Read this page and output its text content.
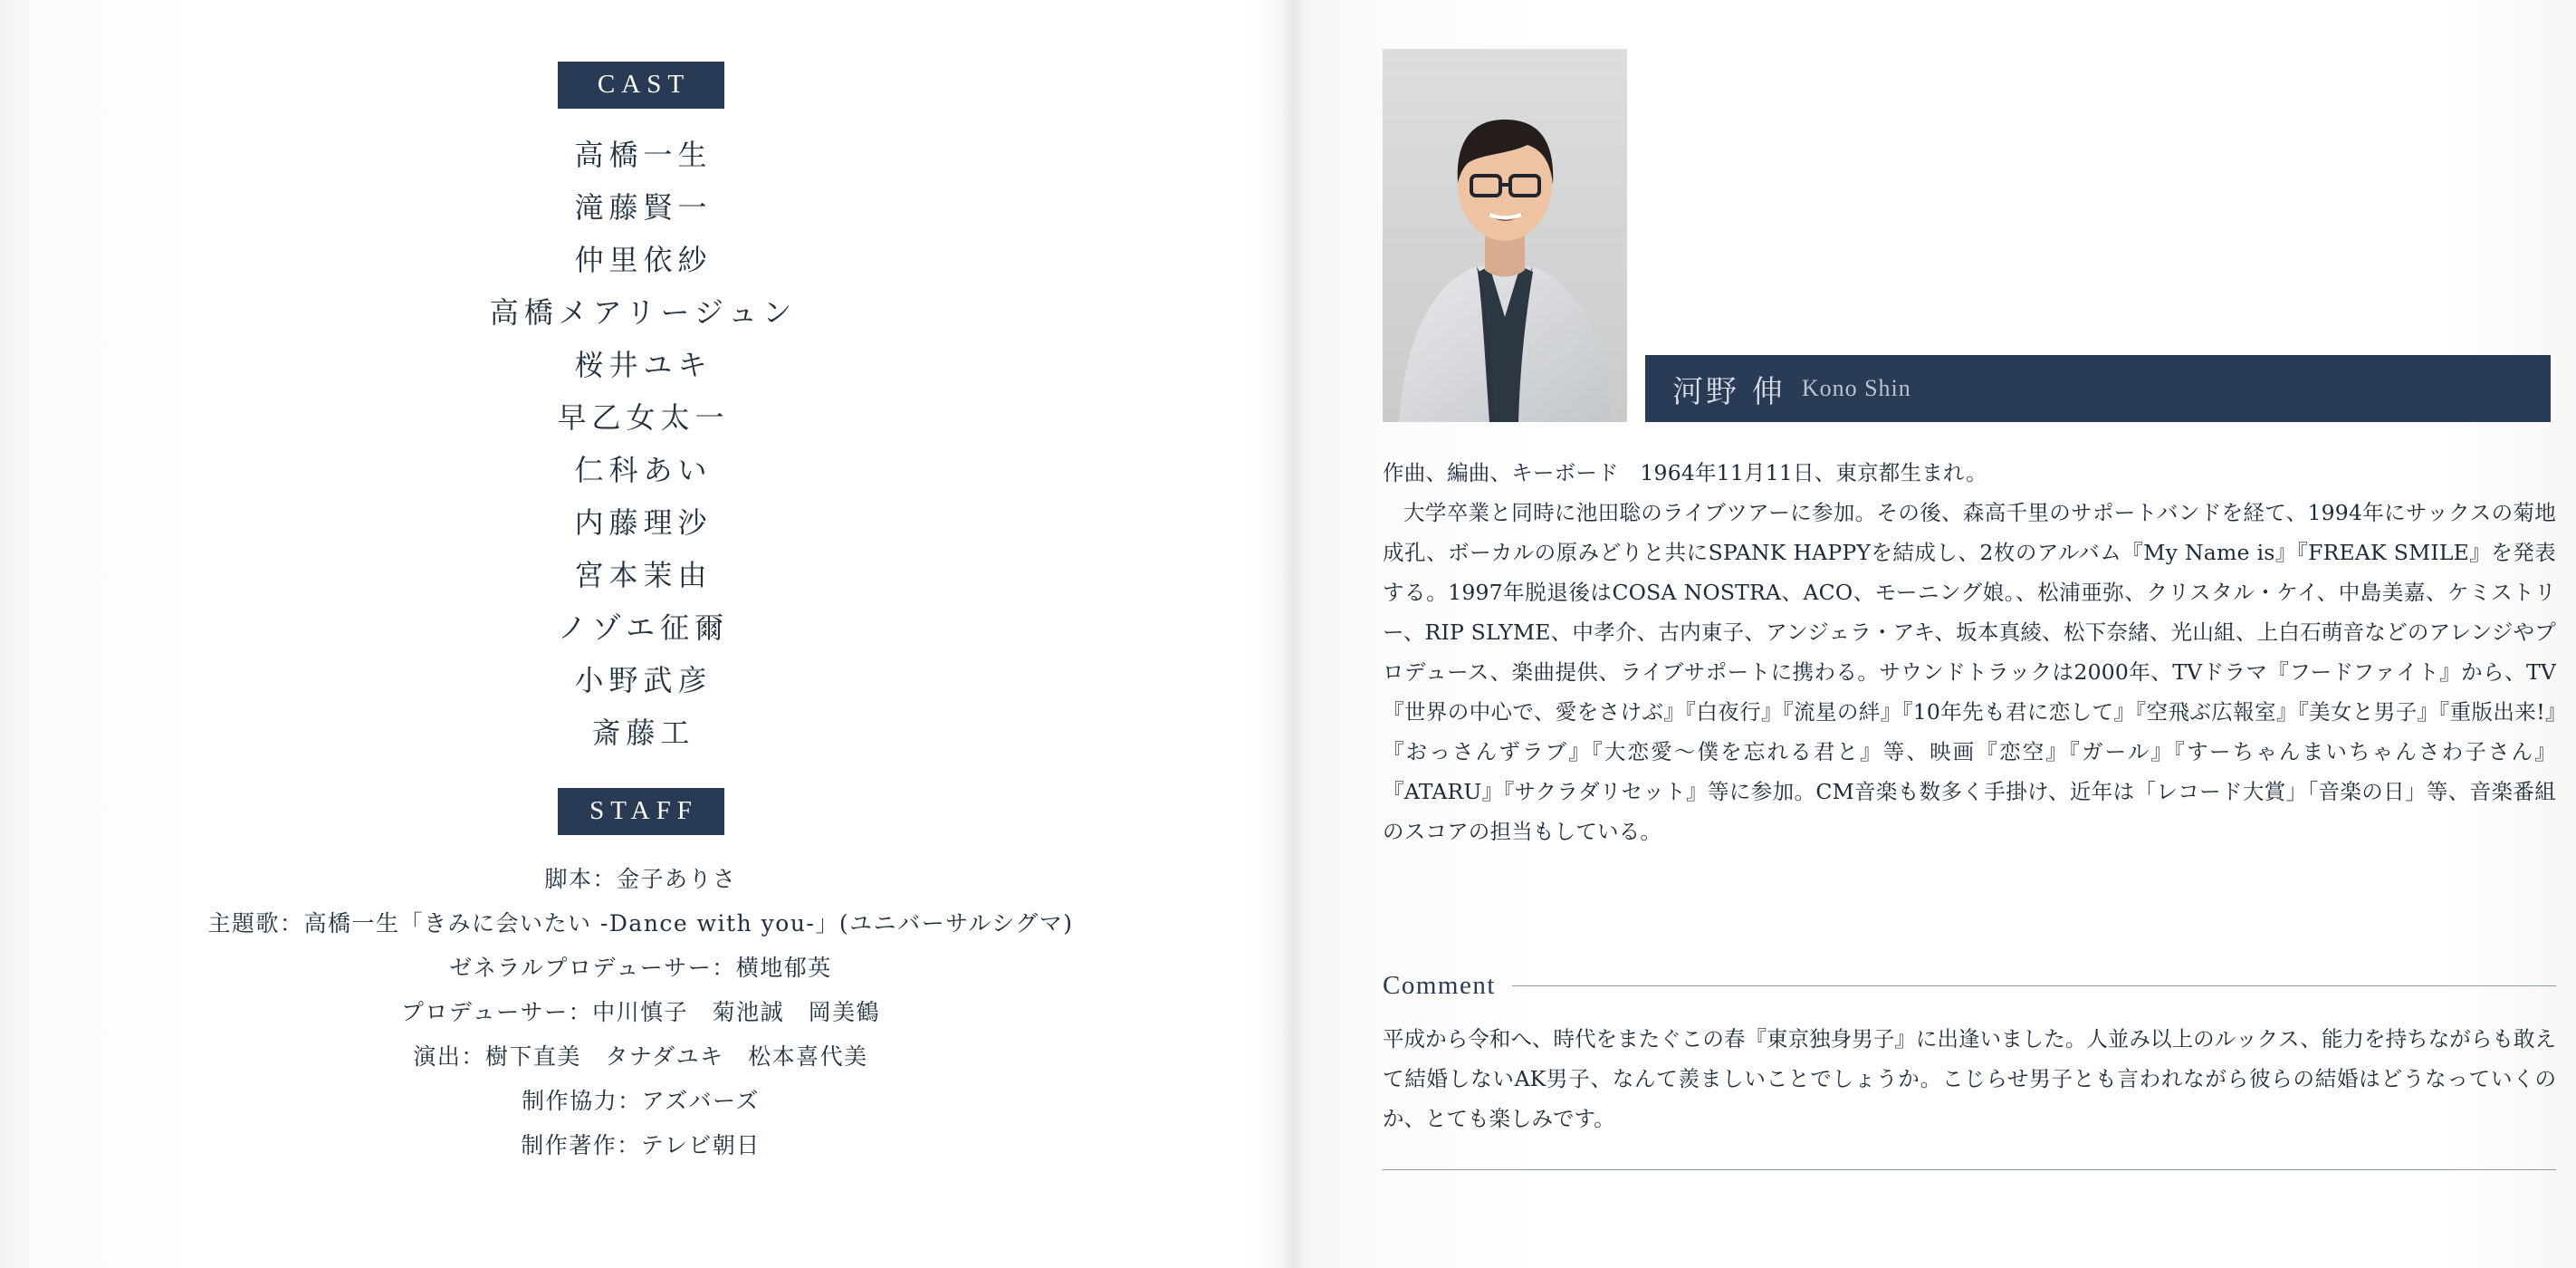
CAST
高橋一生
滝藤賢一
仲里依紗
高橋メアリージュン
桜井ユキ
早乙女太一
仁科あい
内藤理沙
宮本茉由
ノゾエ征爾
小野武彦
斎藤工
STAFF
脚本：金子ありさ
主題歌：高橋一生「きみに会いたい -Dance with you-」(ユニバーサルシグマ)
ゼネラルプロデューサー：横地郁英
プロデューサー：中川慎子　菊池誠　岡美鶴
演出：樹下直美　タナダユキ　松本喜代美
制作協力：アズバーズ
制作著作：テレビ朝日
河野 伸 Kono Shin

作曲、編曲、キーボード　1964年11月11日、東京都生まれ。

大学卒業と同時に池田聡のライブツアーに参加。その後、森高千里のサポートバンドを経て、1994年にサックスの菊地成孔、ボーカルの原みどりと共にSPANK HAPPYを結成し、2枚のアルバム『My Name is』『FREAK SMILE』を発表する。1997年脱退後はCOSA NOSTRA、ACO、モーニング娘。、松浦亜弥、クリスタル・ケイ、中島美嘉、ケミストリー、RIP SLYME、中孝介、古内東子、アンジェラ・アキ、坂本真綾、松下奈緒、光山組、上白石萌音などのアレンジやプロデュース、楽曲提供、ライブサポートに携わる。サウンドトラックは2000年、TVドラマ『フードファイト』から、TV『世界の中心で、愛をさけぶ』『白夜行』『流星の絆』『10年先も君に恋して』『空飛ぶ広報室』『美女と男子』『重版出来!』『おっさんずラブ』『大恋愛〜僕を忘れる君と』等、映画『恋空』『ガール』『すーちゃんまいちゃんさわ子さん』『ATARU』『サクラダリセット』等に参加。CM音楽も数多く手掛け、近年は「レコード大賞」「音楽の日」等、音楽番組のスコアの担当もしている。

Comment
平成から令和へ、時代をまたぐこの春『東京独身男子』に出逢いました。人並み以上のルックス、能力を持ちながらも敢えて結婚しないAK男子、なんて羨ましいことでしょうか。こじらせ男子とも言われながら彼らの結婚はどうなっていくのか、とても楽しみです。
